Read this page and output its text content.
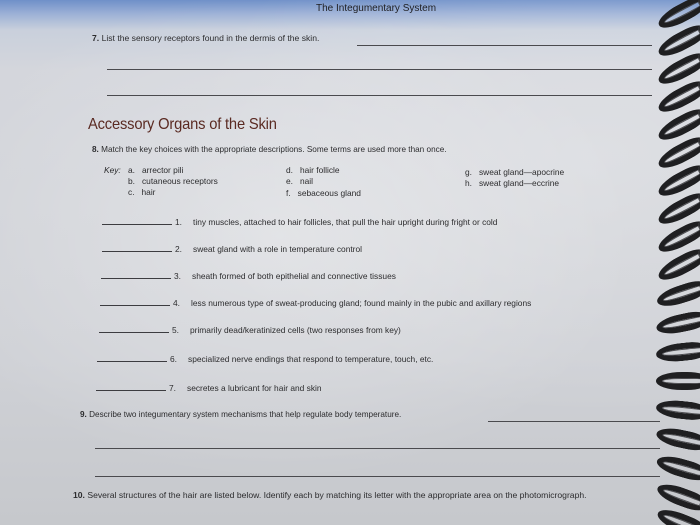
The Integumentary System
7. List the sensory receptors found in the dermis of the skin.
Accessory Organs of the Skin
8. Match the key choices with the appropriate descriptions. Some terms are used more than once.
Key: a. arrector pili
b. cutaneous receptors
c. hair
d. hair follicle
e. nail
f. sebaceous gland
g. sweat gland—apocrine
h. sweat gland—eccrine
1. tiny muscles, attached to hair follicles, that pull the hair upright during fright or cold
2. sweat gland with a role in temperature control
3. sheath formed of both epithelial and connective tissues
4. less numerous type of sweat-producing gland; found mainly in the pubic and axillary regions
5. primarily dead/keratinized cells (two responses from key)
6. specialized nerve endings that respond to temperature, touch, etc.
7. secretes a lubricant for hair and skin
9. Describe two integumentary system mechanisms that help regulate body temperature.
10. Several structures of the hair are listed below. Identify each by matching its letter with the appropriate area on the photomicrograph.
